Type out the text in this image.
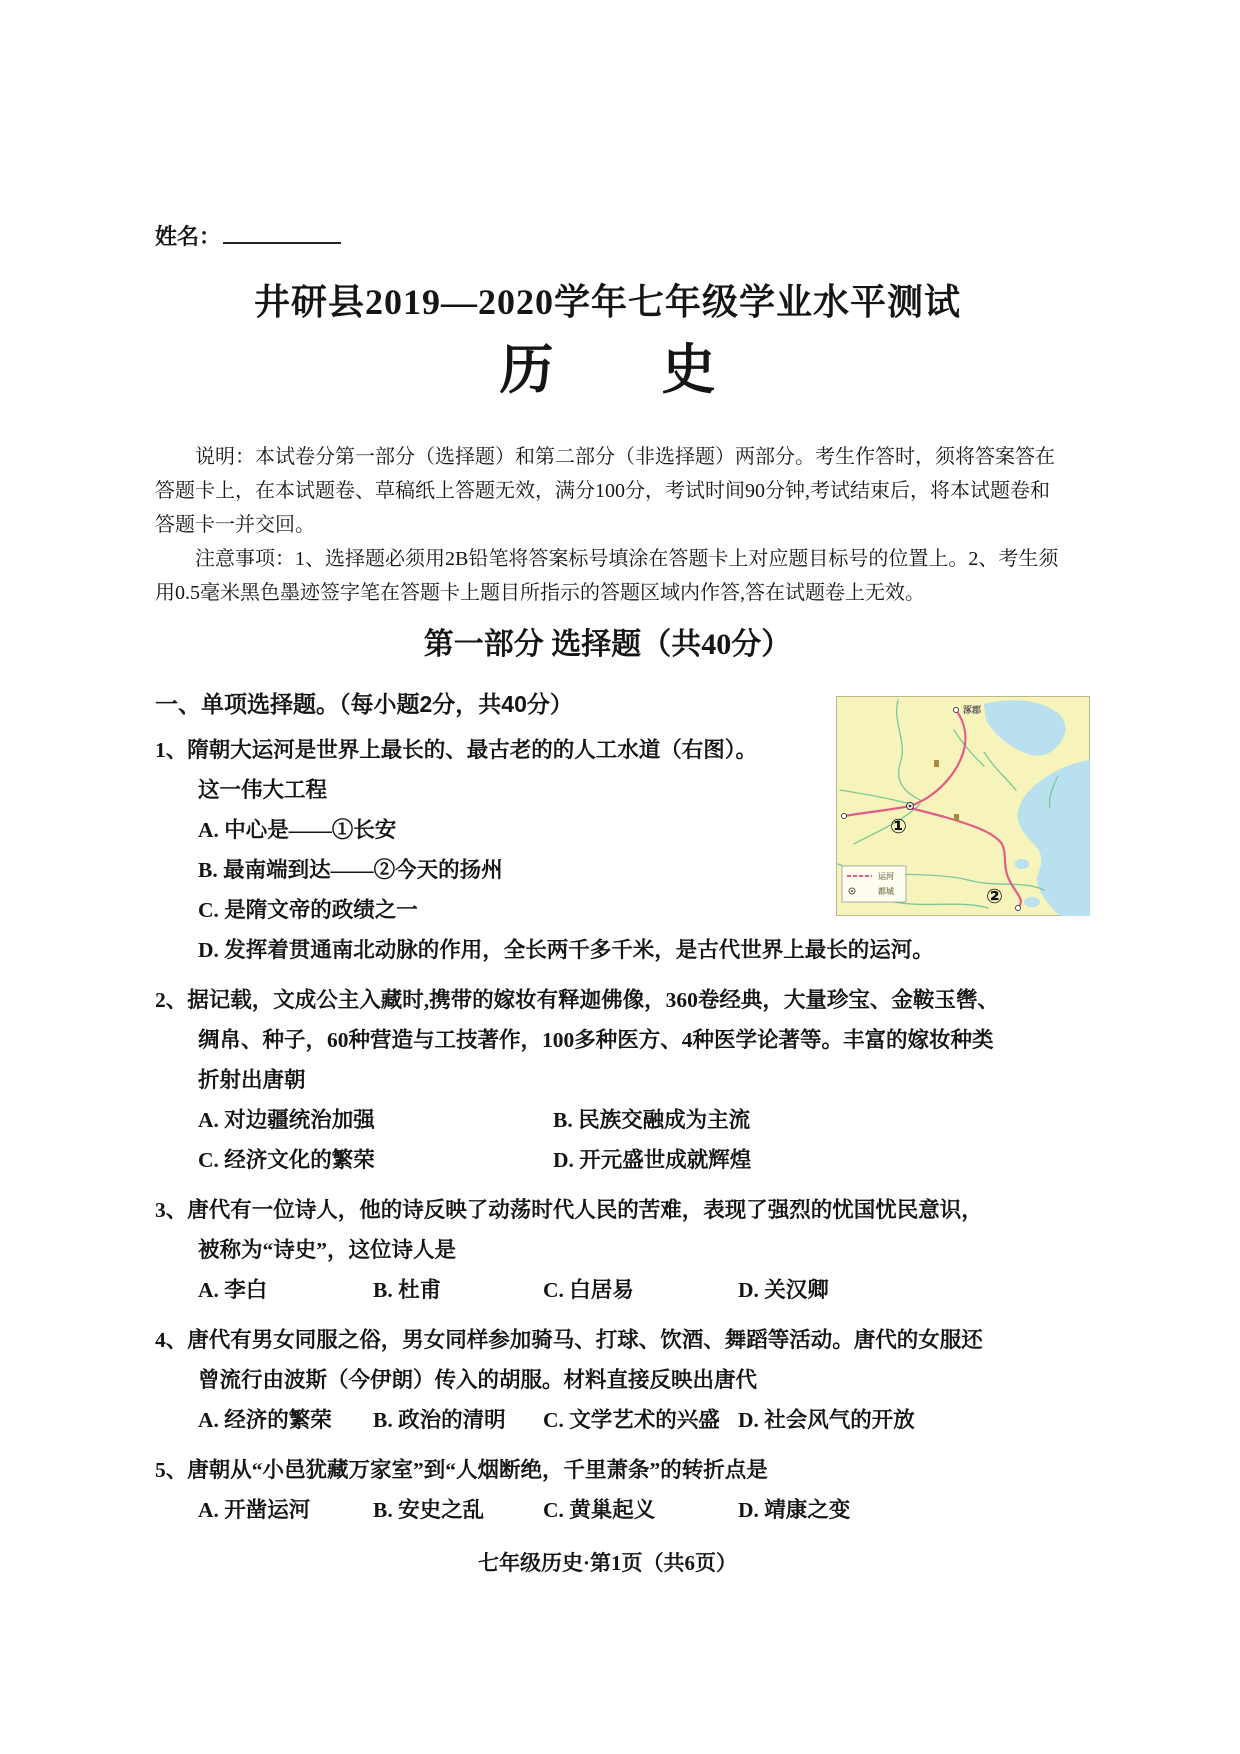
姓名：
井研县2019—2020学年七年级学业水平测试
历　　史
说明：本试卷分第一部分（选择题）和第二部分（非选择题）两部分。考生作答时，须将答案答在
答题卡上，在本试题卷、草稿纸上答题无效，满分100分，考试时间90分钟,考试结束后，将本试题卷和
答题卡一并交回。
注意事项：1、选择题必须用2B铅笔将答案标号填涂在答题卡上对应题目标号的位置上。2、考生须
用0.5毫米黑色墨迹签字笔在答题卡上题目所指示的答题区域内作答,答在试题卷上无效。
第一部分 选择题（共40分）
一、单项选择题。（每小题2分，共40分）	涿郡
①
②
运河
都城
1、隋朝大运河是世界上最长的、最古老的的人工水道（右图）。
这一伟大工程
A. 中心是——①长安
B. 最南端到达——②今天的扬州
C. 是隋文帝的政绩之一
D. 发挥着贯通南北动脉的作用，全长两千多千米，是古代世界上最长的运河。
2、据记载，文成公主入藏时,携带的嫁妆有释迦佛像，360卷经典，大量珍宝、金鞍玉辔、
绸帛、种子，60种营造与工技著作，100多种医方、4种医学论著等。丰富的嫁妆种类
折射出唐朝
A. 对边疆统治加强	B. 民族交融成为主流
C. 经济文化的繁荣	D. 开元盛世成就辉煌
3、唐代有一位诗人，他的诗反映了动荡时代人民的苦难，表现了强烈的忧国忧民意识，
被称为“诗史”，这位诗人是
A. 李白	B. 杜甫	C. 白居易	D. 关汉卿
4、唐代有男女同服之俗，男女同样参加骑马、打球、饮酒、舞蹈等活动。唐代的女服还
曾流行由波斯（今伊朗）传入的胡服。材料直接反映出唐代
A. 经济的繁荣	B. 政治的清明	C. 文学艺术的兴盛 D. 社会风气的开放
5、唐朝从“小邑犹藏万家室”到“人烟断绝，千里萧条”的转折点是
A. 开凿运河	B. 安史之乱	C. 黄巢起义	D. 靖康之变
七年级历史·第1页（共6页）
